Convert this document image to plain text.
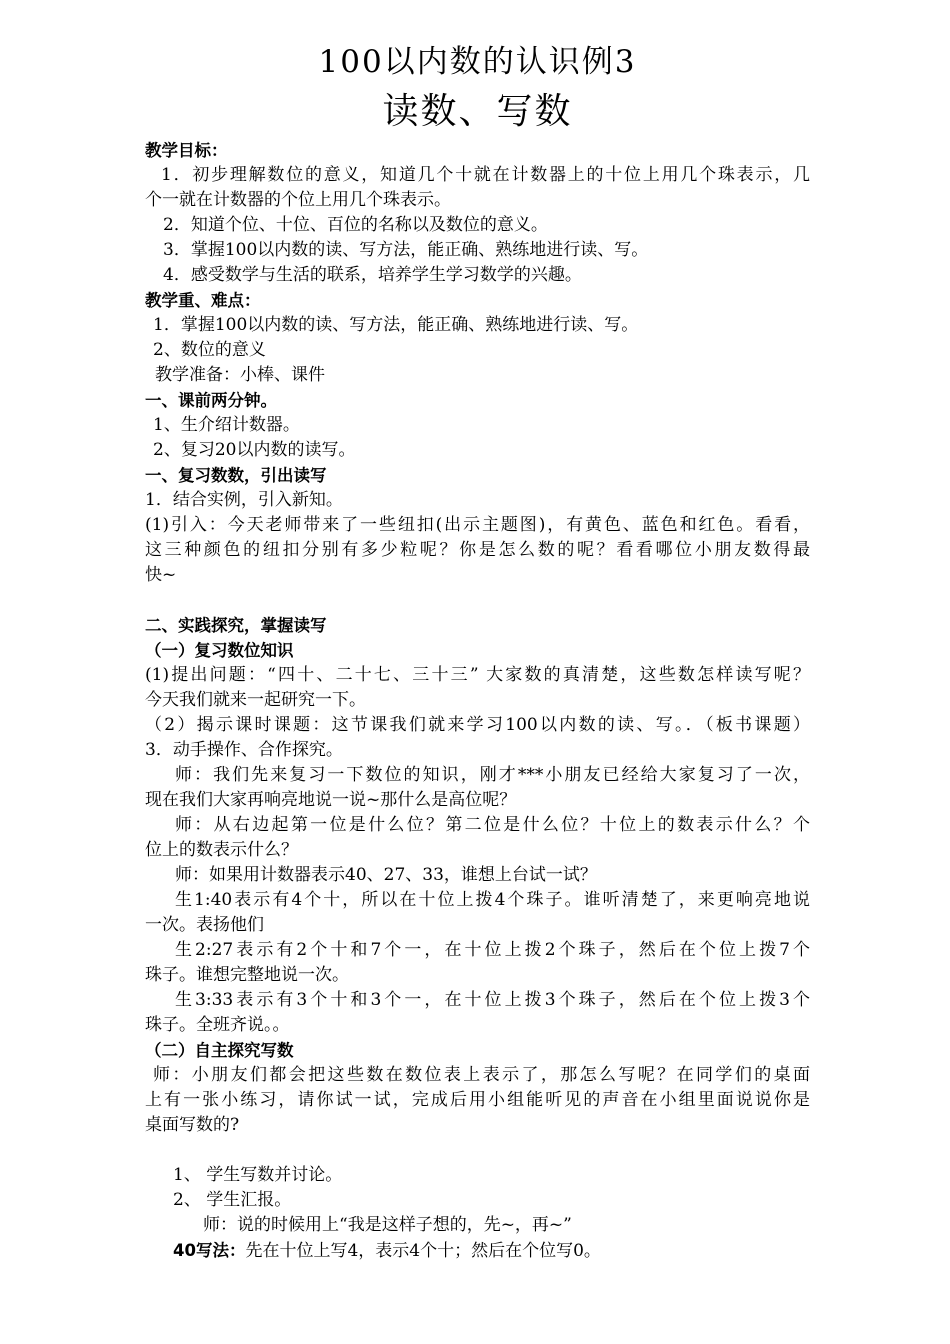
100以内数的认识例3
读数、写数
教学目标：
1．初步理解数位的意义，知道几个十就在计数器上的十位上用几个珠表示，几
个一就在计数器的个位上用几个珠表示。
2．知道个位、十位、百位的名称以及数位的意义。
3．掌握100以内数的读、写方法，能正确、熟练地进行读、写。
4．感受数学与生活的联系，培养学生学习数学的兴趣。
教学重、难点：
1．掌握100以内数的读、写方法，能正确、熟练地进行读、写。
2、数位的意义
教学准备：小棒、课件
一、课前两分钟。
1、生介绍计数器。
2、复习20以内数的读写。
一、复习数数，引出读写
1．结合实例，引入新知。
(1)引入：今天老师带来了一些纽扣(出示主题图)，有黄色、蓝色和红色。看看，
这三种颜色的纽扣分别有多少粒呢？你是怎么数的呢？看看哪位小朋友数得最
快~
二、实践探究，掌握读写
（一）复习数位知识
(1)提出问题：“四十、二十七、三十三” 大家数的真清楚，这些数怎样读写呢？
今天我们就来一起研究一下。
（2）揭示课时课题：这节课我们就来学习100以内数的读、写。．（板书课题）
3．动手操作、合作探究。
师：我们先来复习一下数位的知识，刚才***小朋友已经给大家复习了一次，
现在我们大家再响亮地说一说~那什么是高位呢？
师：从右边起第一位是什么位？第二位是什么位？十位上的数表示什么？个
位上的数表示什么？
师：如果用计数器表示40、27、33，谁想上台试一试？
生1:40表示有4个十，所以在十位上拨4个珠子。谁听清楚了，来更响亮地说
一次。表扬他们
生2:27表示有2个十和7个一，在十位上拨2个珠子，然后在个位上拨7个
珠子。谁想完整地说一次。
生3:33表示有3个十和3个一，在十位上拨3个珠子，然后在个位上拨3个
珠子。全班齐说。。
（二）自主探究写数
师：小朋友们都会把这些数在数位表上表示了，那怎么写呢？在同学们的桌面
上有一张小练习，请你试一试，完成后用小组能听见的声音在小组里面说说你是
桌面写数的?
1、 学生写数并讨论。
2、 学生汇报。
师：说的时候用上“我是这样子想的，先~，再~”
40写法：先在十位上写4，表示4个十；然后在个位写0。
